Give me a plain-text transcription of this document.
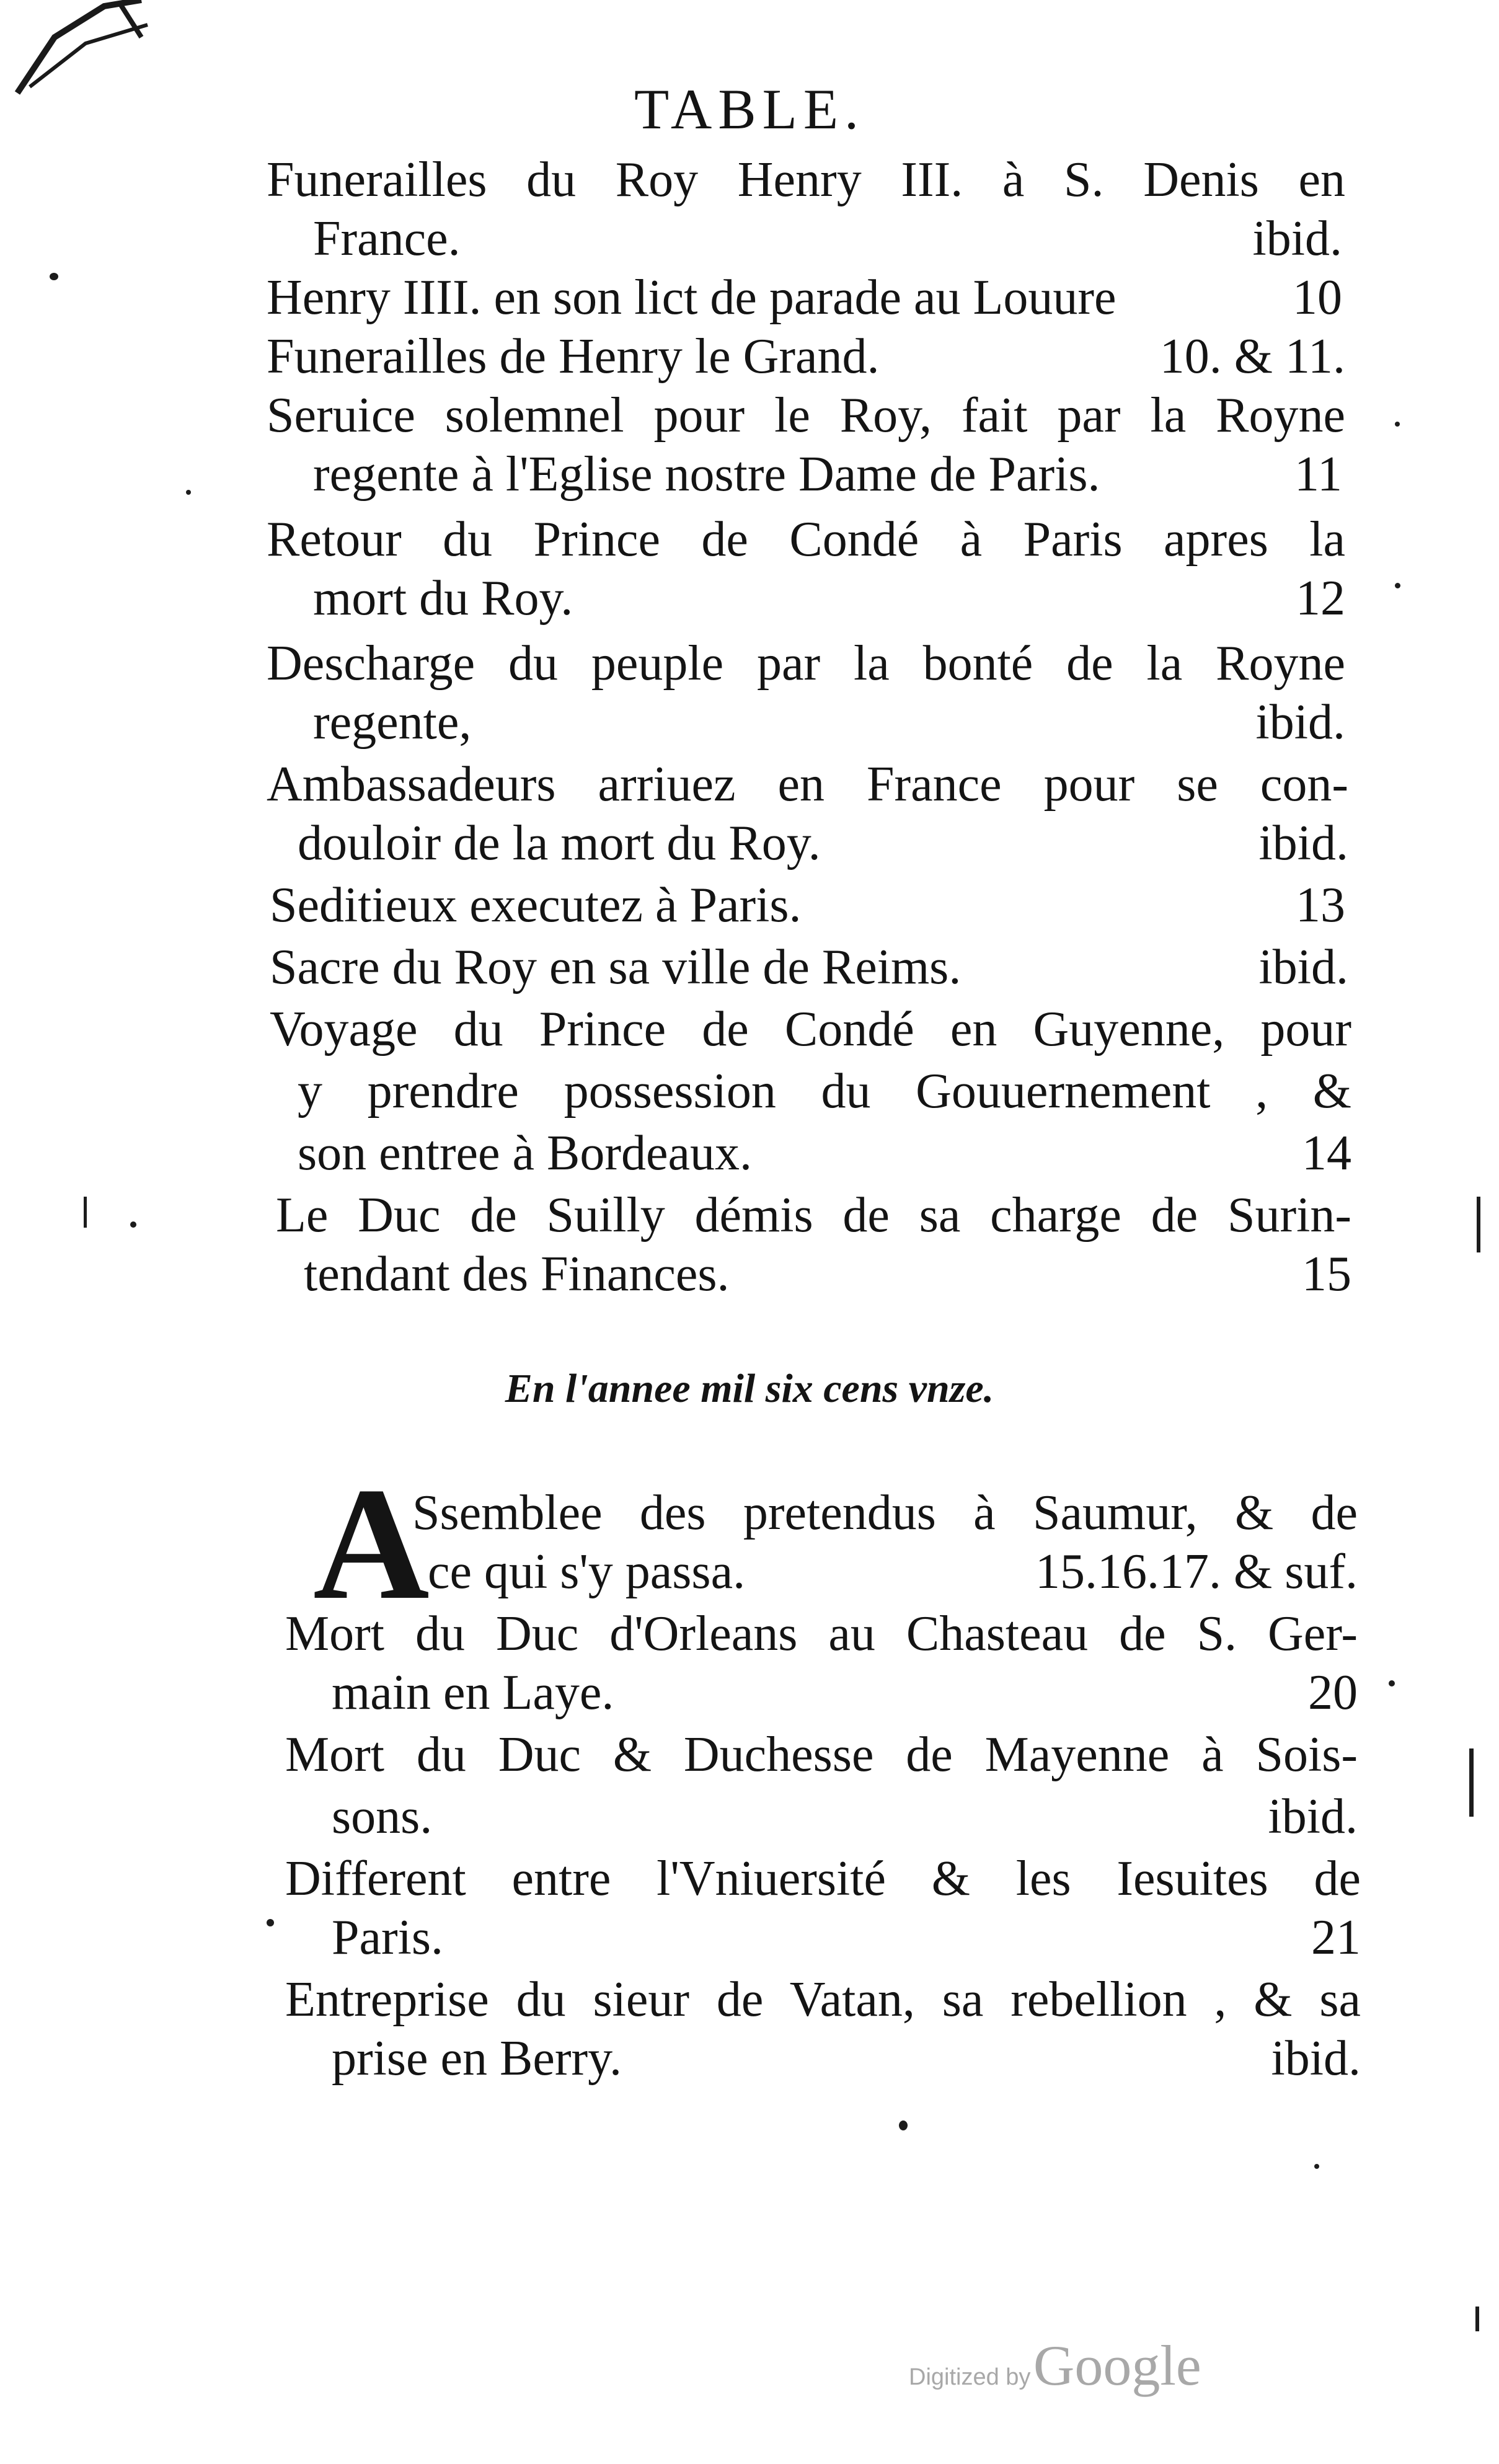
TABLE.
Funerailles du Roy Henry III. à S. Denis en
France.	ibid.
Henry IIII. en son lict de parade au Louure	10
Funerailles de Henry le Grand.	10. & 11.
Seruice solemnel pour le Roy, fait par la Royne
regente à l'Eglise nostre Dame de Paris.	11
Retour du Prince de Condé à Paris apres la
mort du Roy.	12
Descharge du peuple par la bonté de la Royne
regente,	ibid.
Ambassadeurs arriuez en France pour se con-
douloir de la mort du Roy.	ibid.
Seditieux executez à Paris.	13
Sacre du Roy en sa ville de Reims.	ibid.
Voyage du Prince de Condé en Guyenne, pour
y prendre possession du Gouuernement , &
son entree à Bordeaux.	14
Le Duc de Suilly démis de sa charge de Surin-
tendant des Finances.	15
En l'annee mil six cens vnze.
A
Ssemblee des pretendus à Saumur, & de
ce qui s'y passa.	15.16.17. & suf.
Mort du Duc d'Orleans au Chasteau de S. Ger-
main en Laye.	20
Mort du Duc & Duchesse de Mayenne à Sois-
sons.	ibid.
Different entre l'Vniuersité & les Iesuites de
Paris.	21
Entreprise du sieur de Vatan, sa rebellion , & sa
prise en Berry.	ibid.
Digitized by Google
